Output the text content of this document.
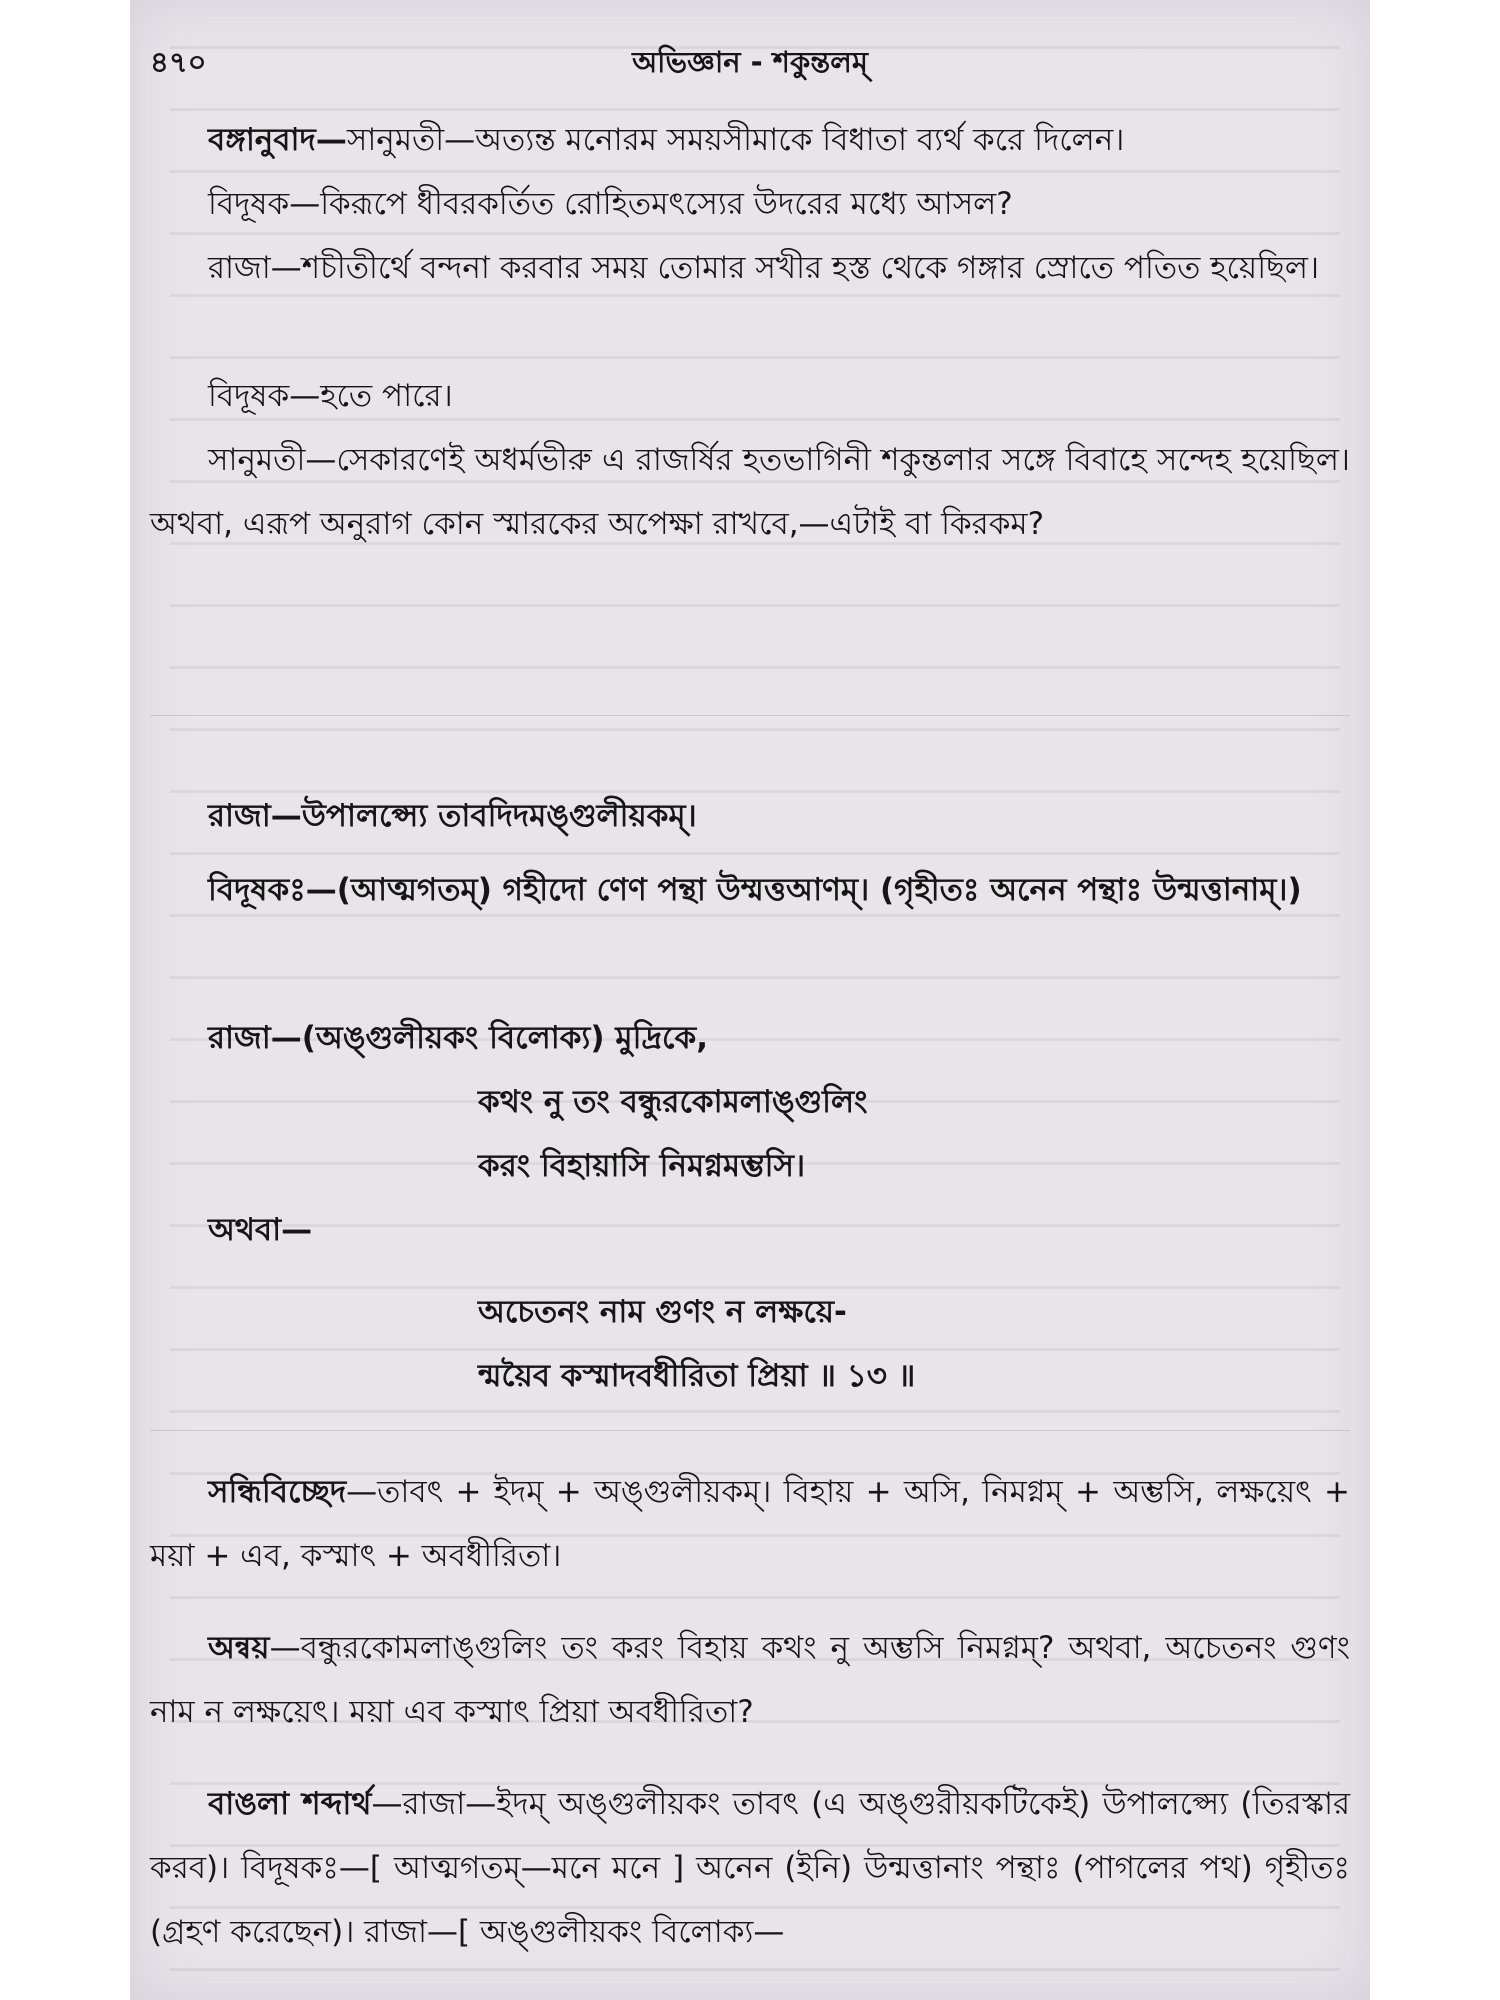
৪৭০	অভিজ্ঞান - শকুন্তলম্

বঙ্গানুবাদ—সানুমতী—অত্যন্ত মনোরম সময়সীমাকে বিধাতা ব্যর্থ করে দিলেন।

বিদূষক—কিরূপে ধীবরকর্তিত রোহিতমৎস্যের উদরের মধ্যে আসল?

রাজা—শচীতীর্থে বন্দনা করবার সময় তোমার সখীর হস্ত থেকে গঙ্গার স্রোতে পতিত হয়েছিল।

বিদূষক—হতে পারে।

সানুমতী—সেকারণেই অধর্মভীরু এ রাজর্ষির হতভাগিনী শকুন্তলার সঙ্গে বিবাহে সন্দেহ হয়েছিল। অথবা, এরূপ অনুরাগ কোন স্মারকের অপেক্ষা রাখবে,—এটাই বা কিরকম?

রাজা—উপালপ্স্যে তাবদিদমঙ্গুলীয়কম্।

বিদূষকঃ—(আত্মগতম্) গহীদো ণেণ পন্থা উম্মত্তআণম্। (গৃহীতঃ অনেন পন্থাঃ উন্মত্তানাম্।)

রাজা—(অঙ্গুলীয়কং বিলোক্য) মুদ্রিকে,

কথং নু তং বন্ধুরকোমলাঙ্গুলিং
করং বিহায়াসি নিমগ্নমম্ভসি।

অথবা—

অচেতনং নাম গুণং ন লক্ষয়ে-
ন্ময়ৈব কস্মাদবধীরিতা প্রিয়া ॥ ১৩ ॥

সন্ধিবিচ্ছেদ—তাবৎ + ইদম্ + অঙ্গুলীয়কম্। বিহায় + অসি, নিমগ্নম্ + অম্ভসি, লক্ষয়েৎ + ময়া + এব, কস্মাৎ + অবধীরিতা।

অন্বয়—বন্ধুরকোমলাঙ্গুলিং তং করং বিহায় কথং নু অম্ভসি নিমগ্নম্? অথবা, অচেতনং গুণং নাম ন লক্ষয়েৎ। ময়া এব কস্মাৎ প্রিয়া অবধীরিতা?

বাঙলা শব্দার্থ—রাজা—ইদম্ অঙ্গুলীয়কং তাবৎ (এ অঙ্গুরীয়কটিকেই) উপালপ্স্যে (তিরস্কার করব)। বিদূষকঃ—[ আত্মগতম্—মনে মনে ] অনেন (ইনি) উন্মত্তানাং পন্থাঃ (পাগলের পথ) গৃহীতঃ (গ্রহণ করেছেন)। রাজা—[ অঙ্গুলীয়কং বিলোক্য—
